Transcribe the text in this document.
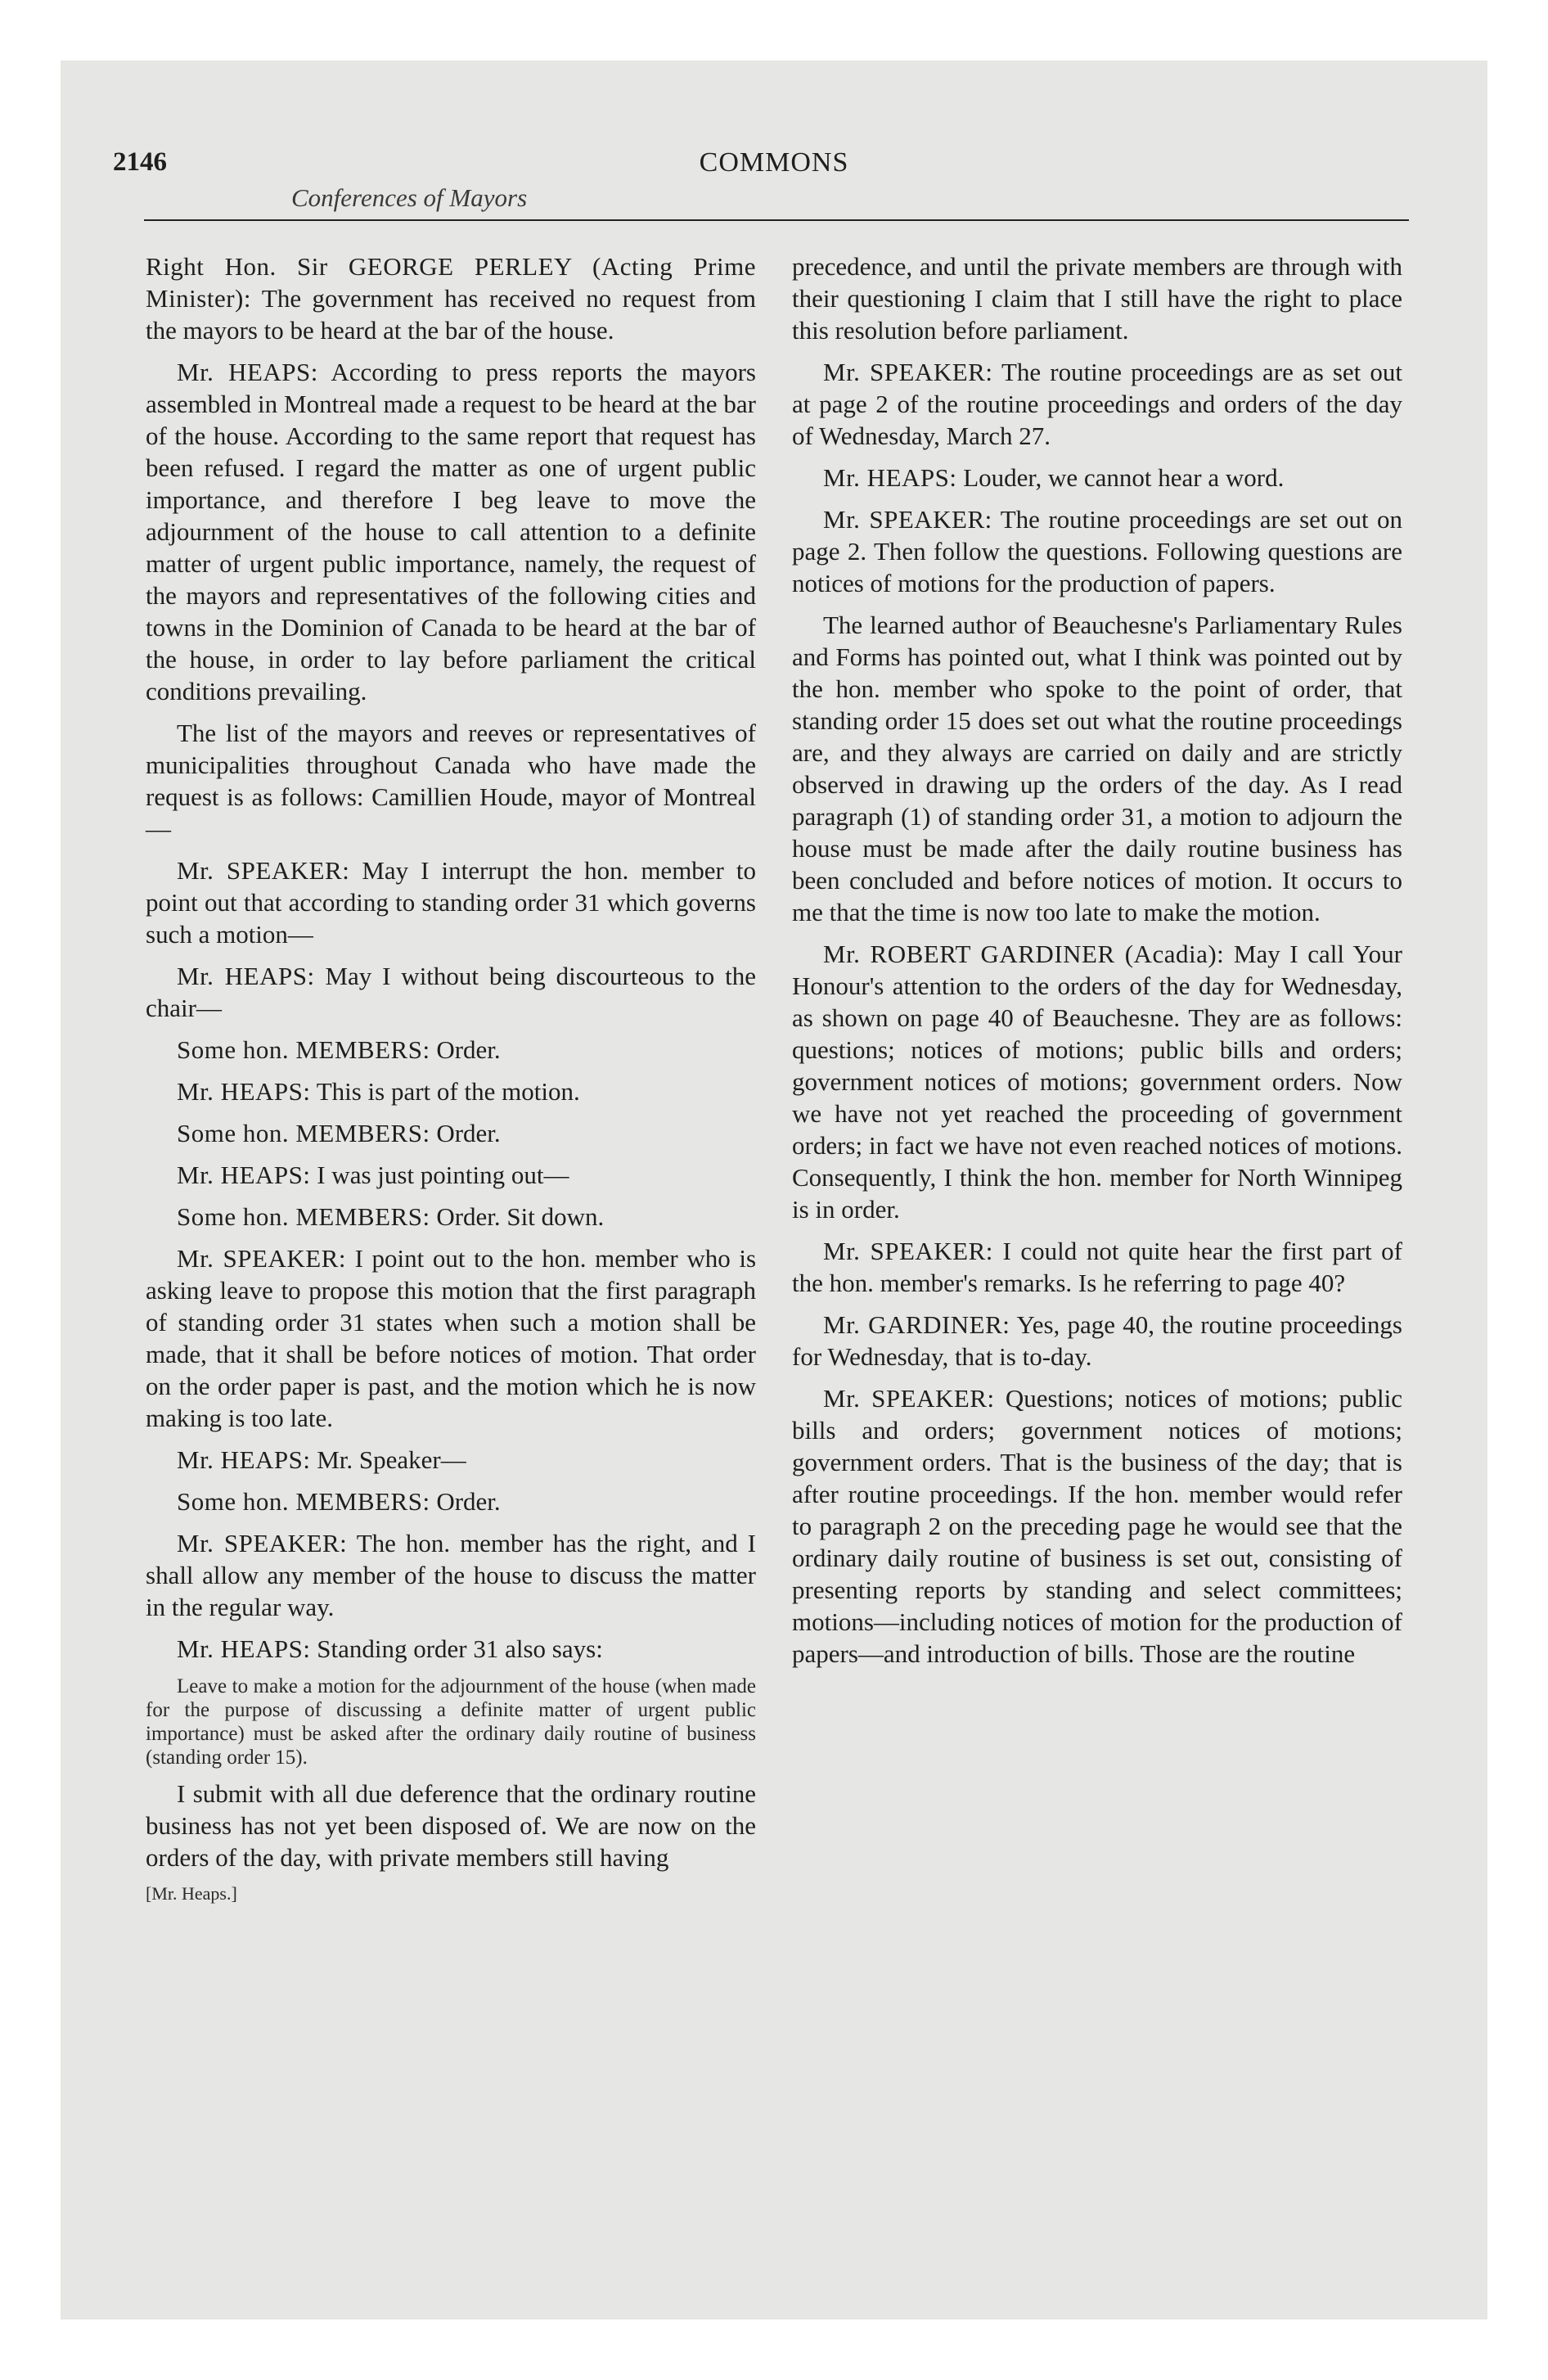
2146	COMMONS
Conferences of Mayors

Right Hon. Sir GEORGE PERLEY (Acting Prime Minister): The government has received no request from the mayors to be heard at the bar of the house.

Mr. HEAPS: According to press reports the mayors assembled in Montreal made a request to be heard at the bar of the house. According to the same report that request has been refused. I regard the matter as one of urgent public importance, and therefore I beg leave to move the adjournment of the house to call attention to a definite matter of urgent public importance, namely, the request of the mayors and representatives of the following cities and towns in the Dominion of Canada to be heard at the bar of the house, in order to lay before parliament the critical conditions prevailing.

The list of the mayors and reeves or representatives of municipalities throughout Canada who have made the request is as follows: Camillien Houde, mayor of Montreal—

Mr. SPEAKER: May I interrupt the hon. member to point out that according to standing order 31 which governs such a motion—

Mr. HEAPS: May I without being discourteous to the chair—

Some hon. MEMBERS: Order.

Mr. HEAPS: This is part of the motion.

Some hon. MEMBERS: Order.

Mr. HEAPS: I was just pointing out—

Some hon. MEMBERS: Order. Sit down.

Mr. SPEAKER: I point out to the hon. member who is asking leave to propose this motion that the first paragraph of standing order 31 states when such a motion shall be made, that it shall be before notices of motion. That order on the order paper is past, and the motion which he is now making is too late.

Mr. HEAPS: Mr. Speaker—

Some hon. MEMBERS: Order.

Mr. SPEAKER: The hon. member has the right, and I shall allow any member of the house to discuss the matter in the regular way.

Mr. HEAPS: Standing order 31 also says:

Leave to make a motion for the adjournment of the house (when made for the purpose of discussing a definite matter of urgent public importance) must be asked after the ordinary daily routine of business (standing order 15).

I submit with all due deference that the ordinary routine business has not yet been disposed of. We are now on the orders of the day, with private members still having

[Mr. Heaps.]

precedence, and until the private members are through with their questioning I claim that I still have the right to place this resolution before parliament.

Mr. SPEAKER: The routine proceedings are as set out at page 2 of the routine proceedings and orders of the day of Wednesday, March 27.

Mr. HEAPS: Louder, we cannot hear a word.

Mr. SPEAKER: The routine proceedings are set out on page 2. Then follow the questions. Following questions are notices of motions for the production of papers.

The learned author of Beauchesne's Parliamentary Rules and Forms has pointed out, what I think was pointed out by the hon. member who spoke to the point of order, that standing order 15 does set out what the routine proceedings are, and they always are carried on daily and are strictly observed in drawing up the orders of the day. As I read paragraph (1) of standing order 31, a motion to adjourn the house must be made after the daily routine business has been concluded and before notices of motion. It occurs to me that the time is now too late to make the motion.

Mr. ROBERT GARDINER (Acadia): May I call Your Honour's attention to the orders of the day for Wednesday, as shown on page 40 of Beauchesne. They are as follows: questions; notices of motions; public bills and orders; government notices of motions; government orders. Now we have not yet reached the proceeding of government orders; in fact we have not even reached notices of motions. Consequently, I think the hon. member for North Winnipeg is in order.

Mr. SPEAKER: I could not quite hear the first part of the hon. member's remarks. Is he referring to page 40?

Mr. GARDINER: Yes, page 40, the routine proceedings for Wednesday, that is to-day.

Mr. SPEAKER: Questions; notices of motions; public bills and orders; government notices of motions; government orders. That is the business of the day; that is after routine proceedings. If the hon. member would refer to paragraph 2 on the preceding page he would see that the ordinary daily routine of business is set out, consisting of presenting reports by standing and select committees; motions—including notices of motion for the production of papers—and introduction of bills. Those are the routine
